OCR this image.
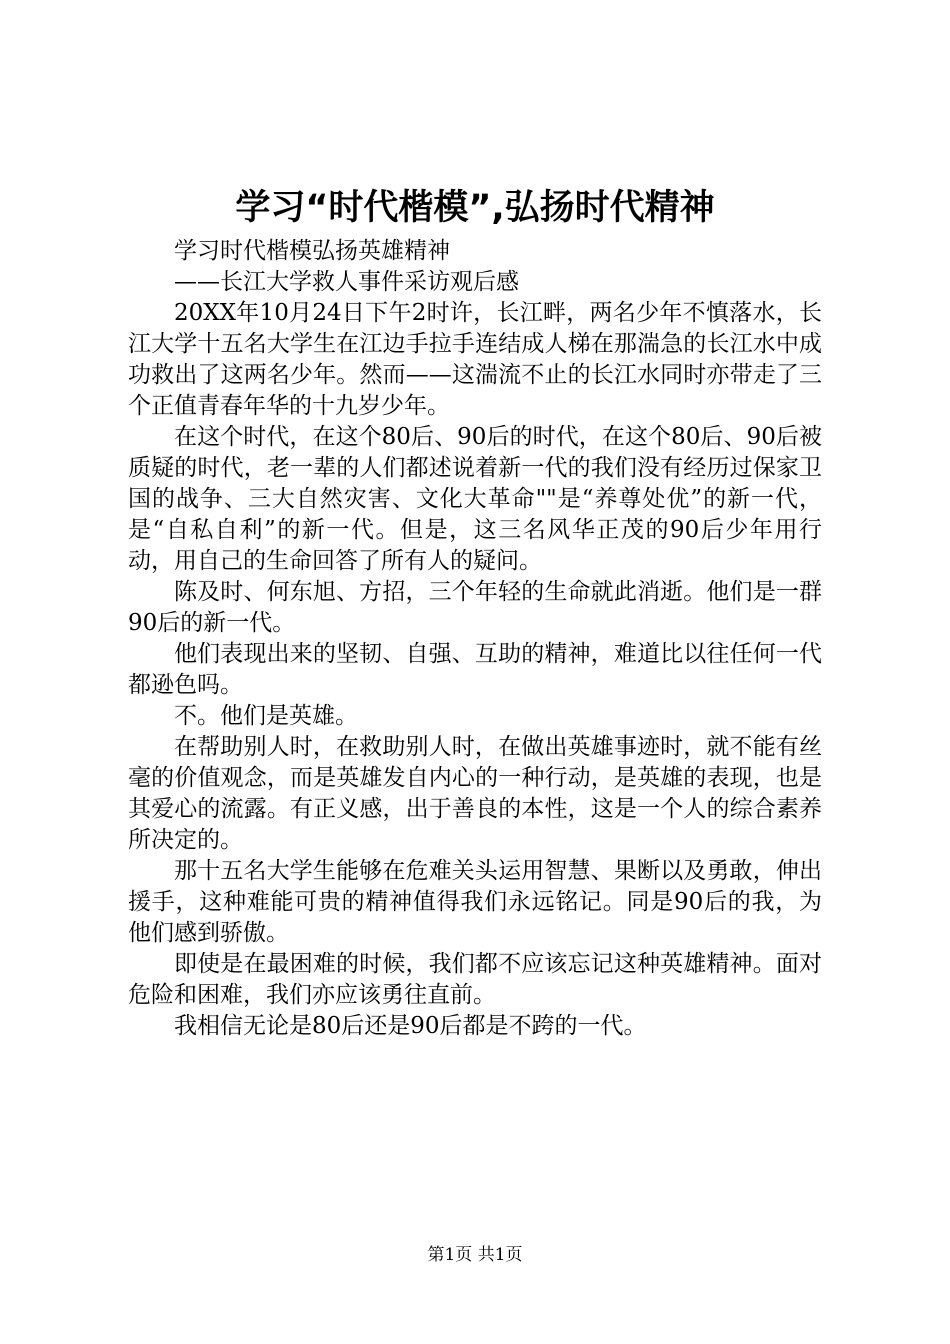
学习“时代楷模”,弘扬时代精神

学习时代楷模弘扬英雄精神

——长江大学救人事件采访观后感

20XX年10月24日下午2时许，长江畔，两名少年不慎落水，长江大学十五名大学生在江边手拉手连结成人梯在那湍急的长江水中成功救出了这两名少年。然而——这湍流不止的长江水同时亦带走了三个正值青春年华的十九岁少年。

在这个时代，在这个80后、90后的时代，在这个80后、90后被质疑的时代，老一辈的人们都述说着新一代的我们没有经历过保家卫国的战争、三大自然灾害、文化大革命""是“养尊处优”的新一代，是“自私自利”的新一代。但是，这三名风华正茂的90后少年用行动，用自己的生命回答了所有人的疑问。

陈及时、何东旭、方招，三个年轻的生命就此消逝。他们是一群90后的新一代。

他们表现出来的坚韧、自强、互助的精神，难道比以往任何一代都逊色吗。

不。他们是英雄。

在帮助别人时，在救助别人时，在做出英雄事迹时，就不能有丝毫的价值观念，而是英雄发自内心的一种行动，是英雄的表现，也是其爱心的流露。有正义感，出于善良的本性，这是一个人的综合素养所决定的。

那十五名大学生能够在危难关头运用智慧、果断以及勇敢，伸出援手，这种难能可贵的精神值得我们永远铭记。同是90后的我，为他们感到骄傲。

即使是在最困难的时候，我们都不应该忘记这种英雄精神。面对危险和困难，我们亦应该勇往直前。

我相信无论是80后还是90后都是不跨的一代。

第1页 共1页
